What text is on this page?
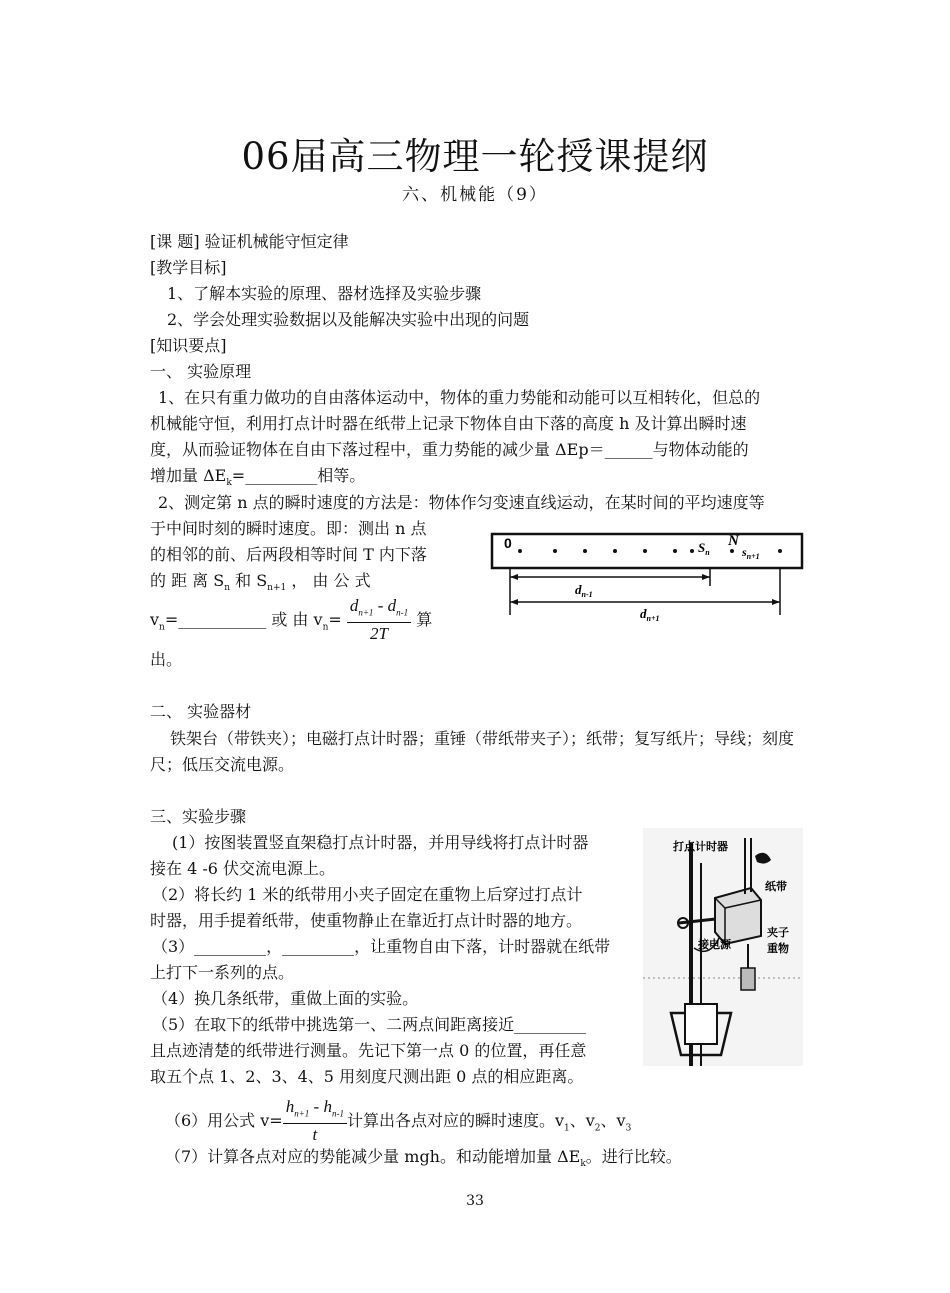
06届高三物理一轮授课提纲
六、机械能（9）
[课 题] 验证机械能守恒定律
[教学目标]
1、了解本实验的原理、器材选择及实验步骤
2、学会处理实验数据以及能解决实验中出现的问题
[知识要点]
一、 实验原理
1、在只有重力做功的自由落体运动中，物体的重力势能和动能可以互相转化，但总的
机械能守恒，利用打点计时器在纸带上记录下物体自由下落的高度 h 及计算出瞬时速
度，从而验证物体在自由下落过程中，重力势能的减少量 ΔEp＝______与物体动能的
增加量 $\Delta E_k=\_\_\_\_\_\_\_\_\_$相等。
2、测定第 n 点的瞬时速度的方法是：物体作匀变速直线运动，在某时间的平均速度等
于中间时刻的瞬时速度。即：测出 n 点
的相邻的前、后两段相等时间 T 内下落
的 距 离 $S_n$ 和 $S_{n+1}$ ， 由 公 式
$v_n=\_\_\_\_\_\_\_\_\_\_\_$ 或 由 $v_n= \frac{d_{n+1} - d_{n-1}}{2T}$ 算
出。
0	$S_n$
N
$s_{n+1}$
$d_{n-1}$
$d_{n+1}$
二、 实验器材
铁架台（带铁夹）；电磁打点计时器；重锤（带纸带夹子）；纸带；复写纸片；导线；刻度
尺；低压交流电源。
三、实验步骤
(1）按图装置竖直架稳打点计时器，并用导线将打点计时器
接在 4 -6 伏交流电源上。
（2）将长约 1 米的纸带用小夹子固定在重物上后穿过打点计
时器，用手提着纸带，使重物静止在靠近打点计时器的地方。
（3）_________，_________，让重物自由下落，计时器就在纸带
上打下一系列的点。
（4）换几条纸带，重做上面的实验。
（5）在取下的纸带中挑选第一、二两点间距离接近_________
且点迹清楚的纸带进行测量。先记下第一点 0 的位置，再任意
取五个点 1、2、3、4、5 用刻度尺测出距 0 点的相应距离。
（6）用公式 $v= \frac{h_{n+1} - h_{n-1}}{t}$ 计算出各点对应的瞬时速度。$v_1$、$v_2$、$v_3$
（7）计算各点对应的势能减少量 mgh。和动能增加量 $\Delta E_k$。进行比较。
打点计时器
纸带
夹子
重物
接电源
33
